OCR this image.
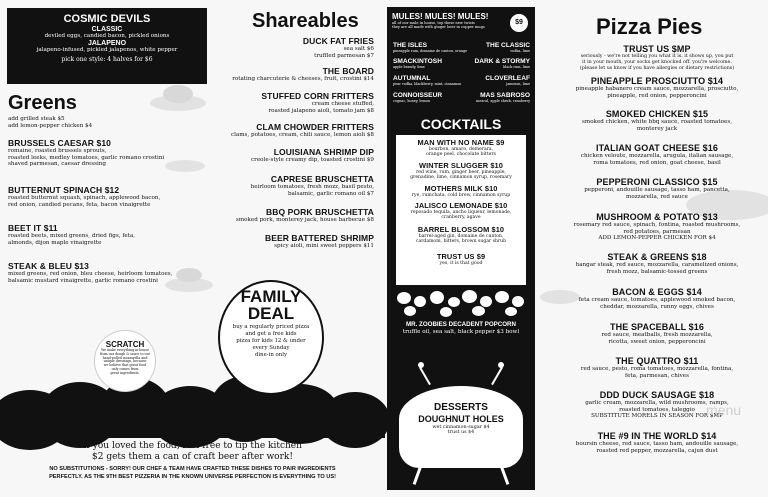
COSMIC DEVILS
CLASSIC
deviled eggs, candied bacon, pickled onions
JALAPENO
jalapeno-infused, pickled jalapenos, white pepper
pick one style: 4 halves for $6
Greens
add grilled steak $5
add lemon-pepper chicken $4
BRUSSELS CAESAR $10
romaine, roasted brussels sprouts,
roasted leeks, medley tomatoes, garlic romano crostini
shaved parmesan, caesar dressing
BUTTERNUT SPINACH $12
roasted butternut squash, spinach, applewood bacon,
red onion, candied pecans, feta, bacon vinaigrette
BEET IT $11
roasted beets, mixed greens, dried figs, feta,
almonds, dijon maple vinaigrette
STEAK & BLEU $13
mixed greens, red onion, bleu cheese, heirloom tomatoes,
balsamic mustard vinaigrette, garlic romano crostini
SCRATCH
We make everything in-house
from our dough & sauce to our
hand-pulled mozzarella and
unique dressings, because
we believe that great food
only comes from
great ingredients.
FAMILY
DEAL
buy a regularly priced pizza
and get a free kids
pizza for kids 12 & under
every Sunday
dine-in only
If you loved the food, feel free to tip the kitchen
$2 gets them a can of craft beer after work!
NO SUBSTITUTIONS - SORRY! OUR CHEF & TEAM HAVE CRAFTED THESE DISHES TO PAIR INGREDIENTS
PERFECTLY. AS THE 9TH BEST PIZZERIA IN THE KNOWN UNIVERSE PERFECTION IS EVERYTHING TO US!
Shareables
DUCK FAT FRIES
sea salt $6
truffled parmesan $7
THE BOARD
rotating charcuterie & cheeses, fruit, crostini $14
STUFFED CORN FRITTERS
cream cheese stuffed,
roasted jalapeno aioli, tomato jam $8
CLAM CHOWDER FRITTERS
clams, potatoes, cream, chili sauce, lemon aioli $8
LOUISIANA SHRIMP DIP
creole-style creamy dip, toasted crostini $9
CAPRESE BRUSCHETTA
heirloom tomatoes, fresh mozz, basil pesto,
balsamic, garlic romano oil $7
BBQ PORK BRUSCHETTA
smoked pork, monterey jack, house barbecue $8
BEER BATTERED SHRIMP
spicy aioli, mini sweet peppers $11
MULES! MULES! MULES!
all of our mule in house, top these new twists
they are all made with ginger beer in copper mugs
$9
THE ISLES
pineapple rum, domaine de canton, orange
THE CLASSIC
vodka, lime
SMACKINTOSH
apple brandy, lime
DARK & STORMY
black rum, lime
AUTUMNAL
pear vodka, blackberry, mint, cinnamon
CLOVERLEAF
jameson, lime
CONNOISSEUR
cognac, honey, lemon
MAS SABROSO
mezcal, apple shrub, cranberry
COCKTAILS
MAN WITH NO NAME $9
bourbon, amaro, demerara,
orange peel, chocolate bitters
WINTER SLUGGER $10
red wine, rum, ginger beer, pineapple,
grenadine, lime, cinnamon syrup, rosemary
MOTHERS MILK $10
rye, rumchata, cold brew, cinnamon syrup
JALISCO LEMONADE $10
reposado tequila, ancho liqueur, lemonade,
cranberry, agave
BARREL BLOSSOM $10
barrel-aged gin, domaine de canton,
cardamom, bitters, brown sugar shrub
TRUST US $9
yes, it is that good
MR. ZOOBIES DECADENT POPCORN
truffle oil, sea salt, black pepper $3 bowl
DESSERTS
DOUGHNUT HOLES
wet cinnamon-sugar $4
trust us $4
Pizza Pies
TRUST US $MP
seriously - we're not telling you what it is. it shows up, you put
it in your mouth, your socks get knocked off. you're welcome.
(please let us know if you have allergies or dietary restrictions)
PINEAPPLE PROSCIUTTO $14
pineapple habanero cream sauce, mozzarella, prosciutto,
pineapple, red onion, pepperoncini
SMOKED CHICKEN $15
smoked chicken, white bbq sauce, roasted tomatoes,
monterey jack
ITALIAN GOAT CHEESE $16
chicken veloute, mozzarella, arugula, italian sausage,
roma tomatoes, red onion, goat cheese, basil
PEPPERONI CLASSICO $15
pepperoni, andouille sausage, tasso ham, pancetta,
mozzarella, red sauce
MUSHROOM & POTATO $13
rosemary red sauce, spinach, fontina, roasted mushrooms,
red potatoes, parmesan
ADD LEMON-PEPPER CHICKEN FOR $4
STEAK & GREENS $18
hangar steak, red sauce, mozzarella, caramelized onions,
fresh mozz, balsamic-tossed greens
BACON & EGGS $14
feta cream sauce, tomatoes, applewood smoked bacon,
cheddar, mozzarella, runny eggs, chives
THE SPACEBALL $16
red sauce, meatballs, fresh mozzarella,
ricotta, sweet onion, pepperoncini
THE QUATTRO $11
red sauce, pesto, roma tomatoes, mozzarella, fontina,
feta, parmesan, chives
DDD DUCK SAUSAGE $18
garlic cream, mozzarella, wild mushrooms, ramps,
roasted tomatoes, taleggio
SUBSTITUTE MORELS IN SEASON FOR $MP
THE #9 IN THE WORLD $14
boursin cheese, red sauce, tasso ham, andouille sausage,
roasted red pepper, mozzarella, cajun dust
menu
